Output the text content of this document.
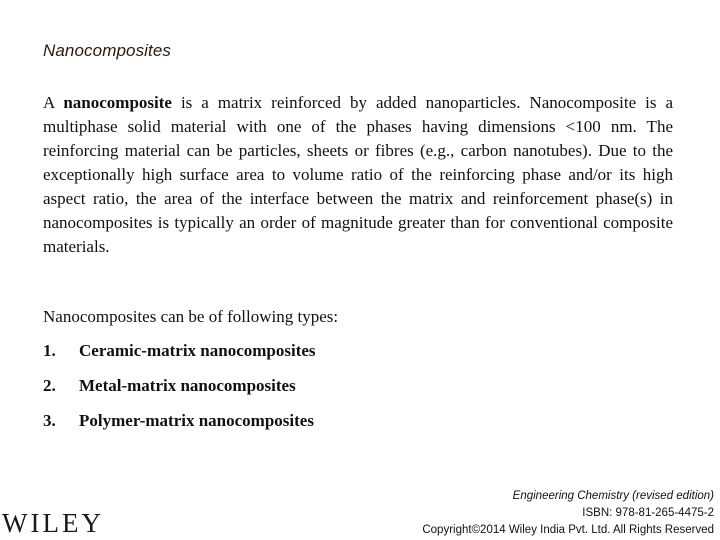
Nanocomposites

A nanocomposite is a matrix reinforced by added nanoparticles. Nanocomposite is a multiphase solid material with one of the phases having dimensions <100 nm. The reinforcing material can be particles, sheets or fibres (e.g., carbon nanotubes). Due to the exceptionally high surface area to volume ratio of the reinforcing phase and/or its high aspect ratio, the area of the interface between the matrix and reinforcement phase(s) in nanocomposites is typically an order of magnitude greater than for conventional composite materials.

Nanocomposites can be of following types:
1. Ceramic-matrix nanocomposites
2. Metal-matrix nanocomposites
3. Polymer-matrix nanocomposites
WILEY
Engineering Chemistry (revised edition)
ISBN: 978-81-265-4475-2
Copyright©2014 Wiley India Pvt. Ltd. All Rights Reserved
